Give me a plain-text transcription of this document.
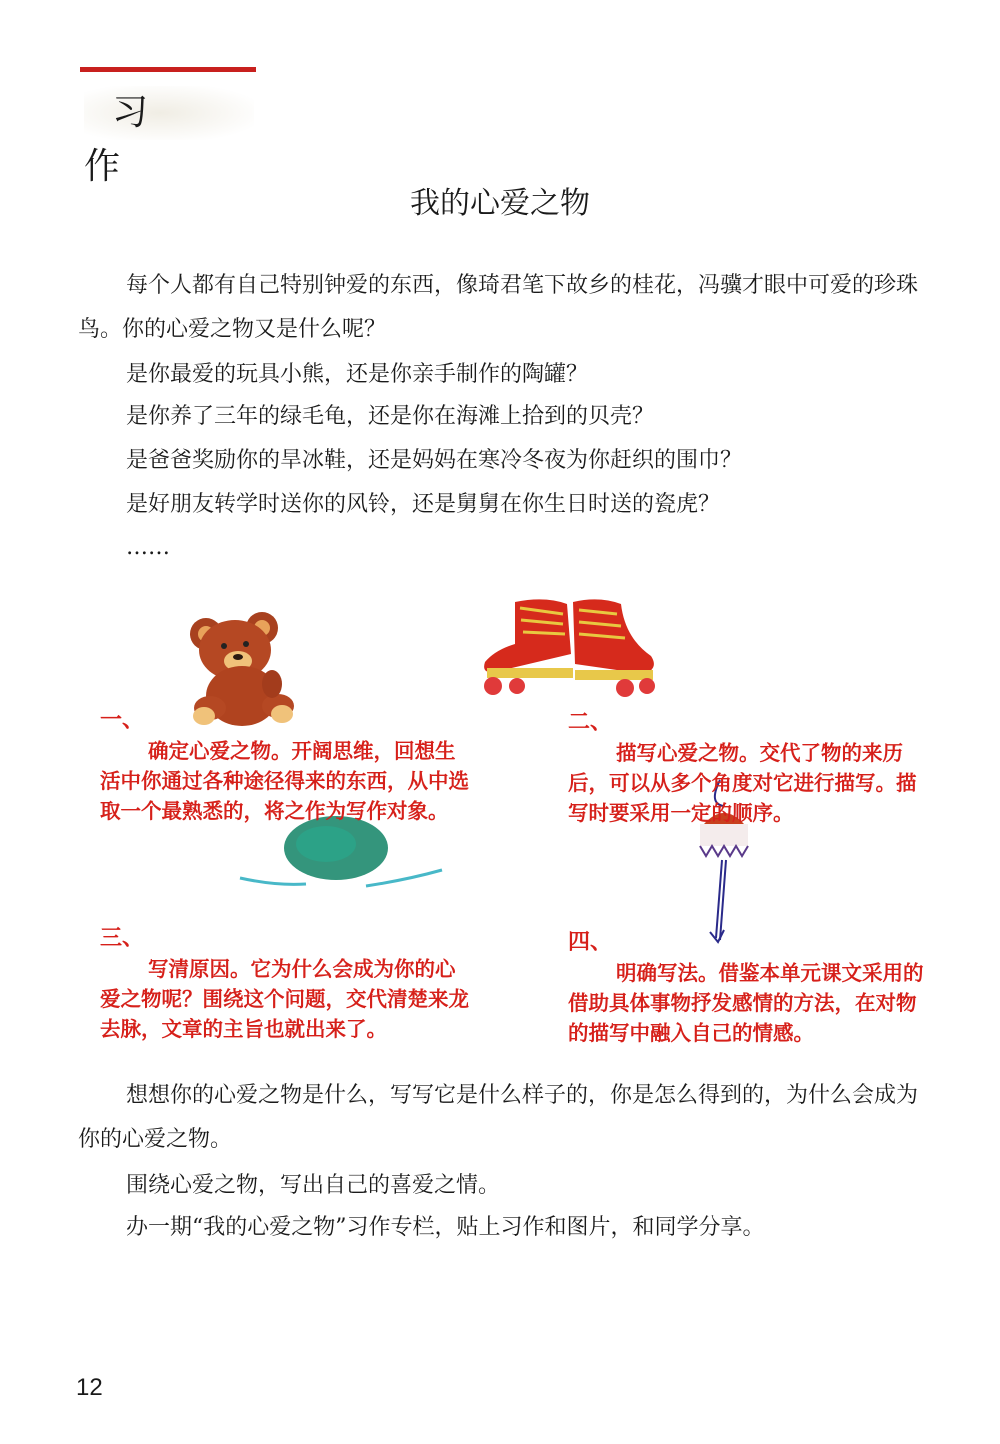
习 作
我的心爱之物
每个人都有自己特别钟爱的东西，像琦君笔下故乡的桂花，冯骥才眼中可爱的珍珠鸟。你的心爱之物又是什么呢？
是你最爱的玩具小熊，还是你亲手制作的陶罐？
是你养了三年的绿毛龟，还是你在海滩上拾到的贝壳？
是爸爸奖励你的旱冰鞋，还是妈妈在寒冷冬夜为你赶织的围巾？
是好朋友转学时送你的风铃，还是舅舅在你生日时送的瓷虎？
……
一、
确定心爱之物。开阔思维，回想生活中你通过各种途径得来的东西，从中选取一个最熟悉的，将之作为写作对象。
二、
描写心爱之物。交代了物的来历后，可以从多个角度对它进行描写。描写时要采用一定的顺序。
三、
写清原因。它为什么会成为你的心爱之物呢？围绕这个问题，交代清楚来龙去脉，文章的主旨也就出来了。
四、
明确写法。借鉴本单元课文采用的借助具体事物抒发感情的方法，在对物的描写中融入自己的情感。
想想你的心爱之物是什么，写写它是什么样子的，你是怎么得到的，为什么会成为你的心爱之物。
围绕心爱之物，写出自己的喜爱之情。
办一期“我的心爱之物”习作专栏，贴上习作和图片，和同学分享。
12
